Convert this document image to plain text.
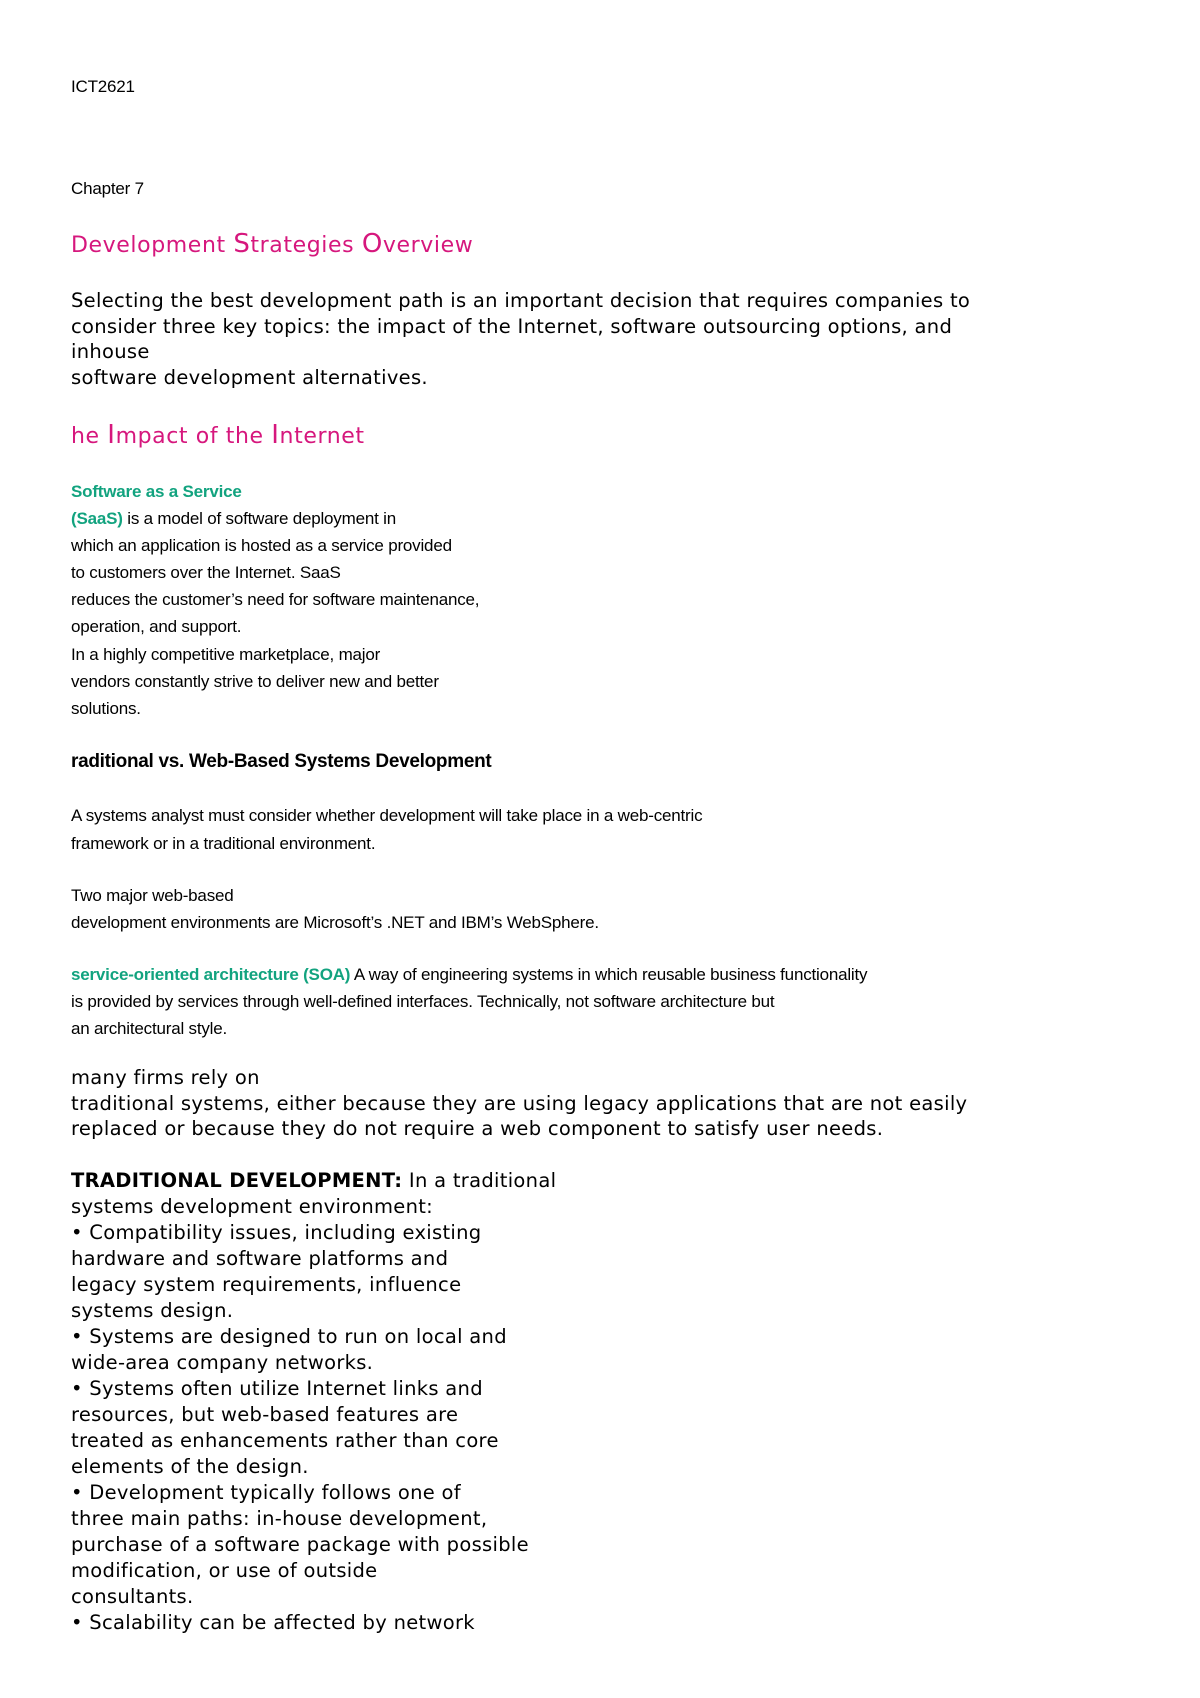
ICT2621
Chapter 7
Development Strategies Overview
Selecting the best development path is an important decision that requires companies to
consider three key topics: the impact of the Internet, software outsourcing options, and
inhouse
software development alternatives.
he Impact of the Internet
Software as a Service
(SaaS) is a model of software deployment in
which an application is hosted as a service provided
to customers over the Internet. SaaS
reduces the customer’s need for software maintenance,
operation, and support.
In a highly competitive marketplace, major
vendors constantly strive to deliver new and better
solutions.
raditional vs. Web-Based Systems Development
A systems analyst must consider whether development will take place in a web-centric
framework or in a traditional environment.
Two major web-based
development environments are Microsoft’s .NET and IBM’s WebSphere.
service-oriented architecture (SOA) A way of engineering systems in which reusable business functionality
is provided by services through well-defined interfaces. Technically, not software architecture but
an architectural style.
many firms rely on
traditional systems, either because they are using legacy applications that are not easily
replaced or because they do not require a web component to satisfy user needs.
TRADITIONAL DEVELOPMENT: In a traditional
systems development environment:
• Compatibility issues, including existing
hardware and software platforms and
legacy system requirements, influence
systems design.
• Systems are designed to run on local and
wide-area company networks.
• Systems often utilize Internet links and
resources, but web-based features are
treated as enhancements rather than core
elements of the design.
• Development typically follows one of
three main paths: in-house development,
purchase of a software package with possible
modification, or use of outside
consultants.
• Scalability can be affected by network
